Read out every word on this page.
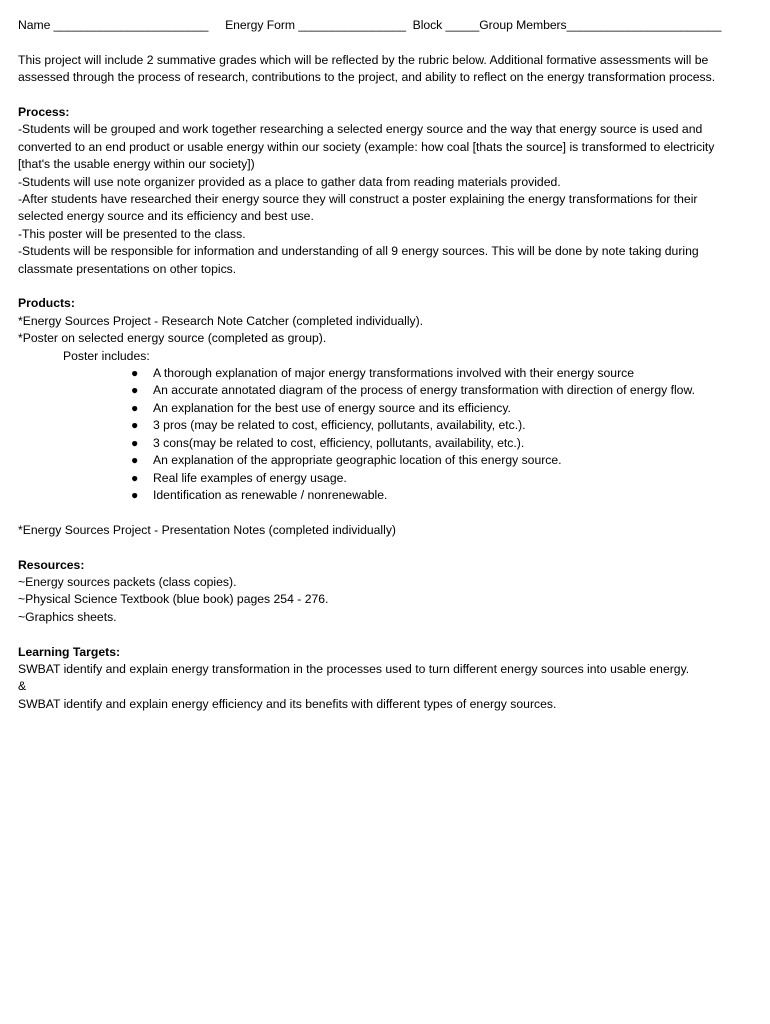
Name _______________________ Energy Form ________________ Block _____Group Members_______________________
This project will include 2 summative grades which will be reflected by the rubric below. Additional formative assessments will be
assessed through the process of research, contributions to the project, and ability to reflect on the energy transformation process.
Process:
-Students will be grouped and work together researching a selected energy source and the way that energy source is used and
converted to an end product or usable energy within our society (example: how coal [thats the source] is transformed to electricity
[that's the usable energy within our society])
-Students will use note organizer provided as a place to gather data from reading materials provided.
-After students have researched their energy source they will construct a poster explaining the energy transformations for their
selected energy source and its efficiency and best use.
-This poster will be presented to the class.
-Students will be responsible for information and understanding of all 9 energy sources. This will be done by note taking during
classmate presentations on other topics.
Products:
*Energy Sources Project - Research Note Catcher (completed individually).
*Poster on selected energy source (completed as group).
Poster includes:
● A thorough explanation of major energy transformations involved with their energy source
● An accurate annotated diagram of the process of energy transformation with direction of energy flow.
● An explanation for the best use of energy source and its efficiency.
● 3 pros (may be related to cost, efficiency, pollutants, availability, etc.).
● 3 cons(may be related to cost, efficiency, pollutants, availability, etc.).
● An explanation of the appropriate geographic location of this energy source.
● Real life examples of energy usage.
● Identification as renewable / nonrenewable.
*Energy Sources Project - Presentation Notes (completed individually)
Resources:
~Energy sources packets (class copies).
~Physical Science Textbook (blue book) pages 254 - 276.
~Graphics sheets.
Learning Targets:
SWBAT identify and explain energy transformation in the processes used to turn different energy sources into usable energy.
&
SWBAT identify and explain energy efficiency and its benefits with different types of energy sources.
